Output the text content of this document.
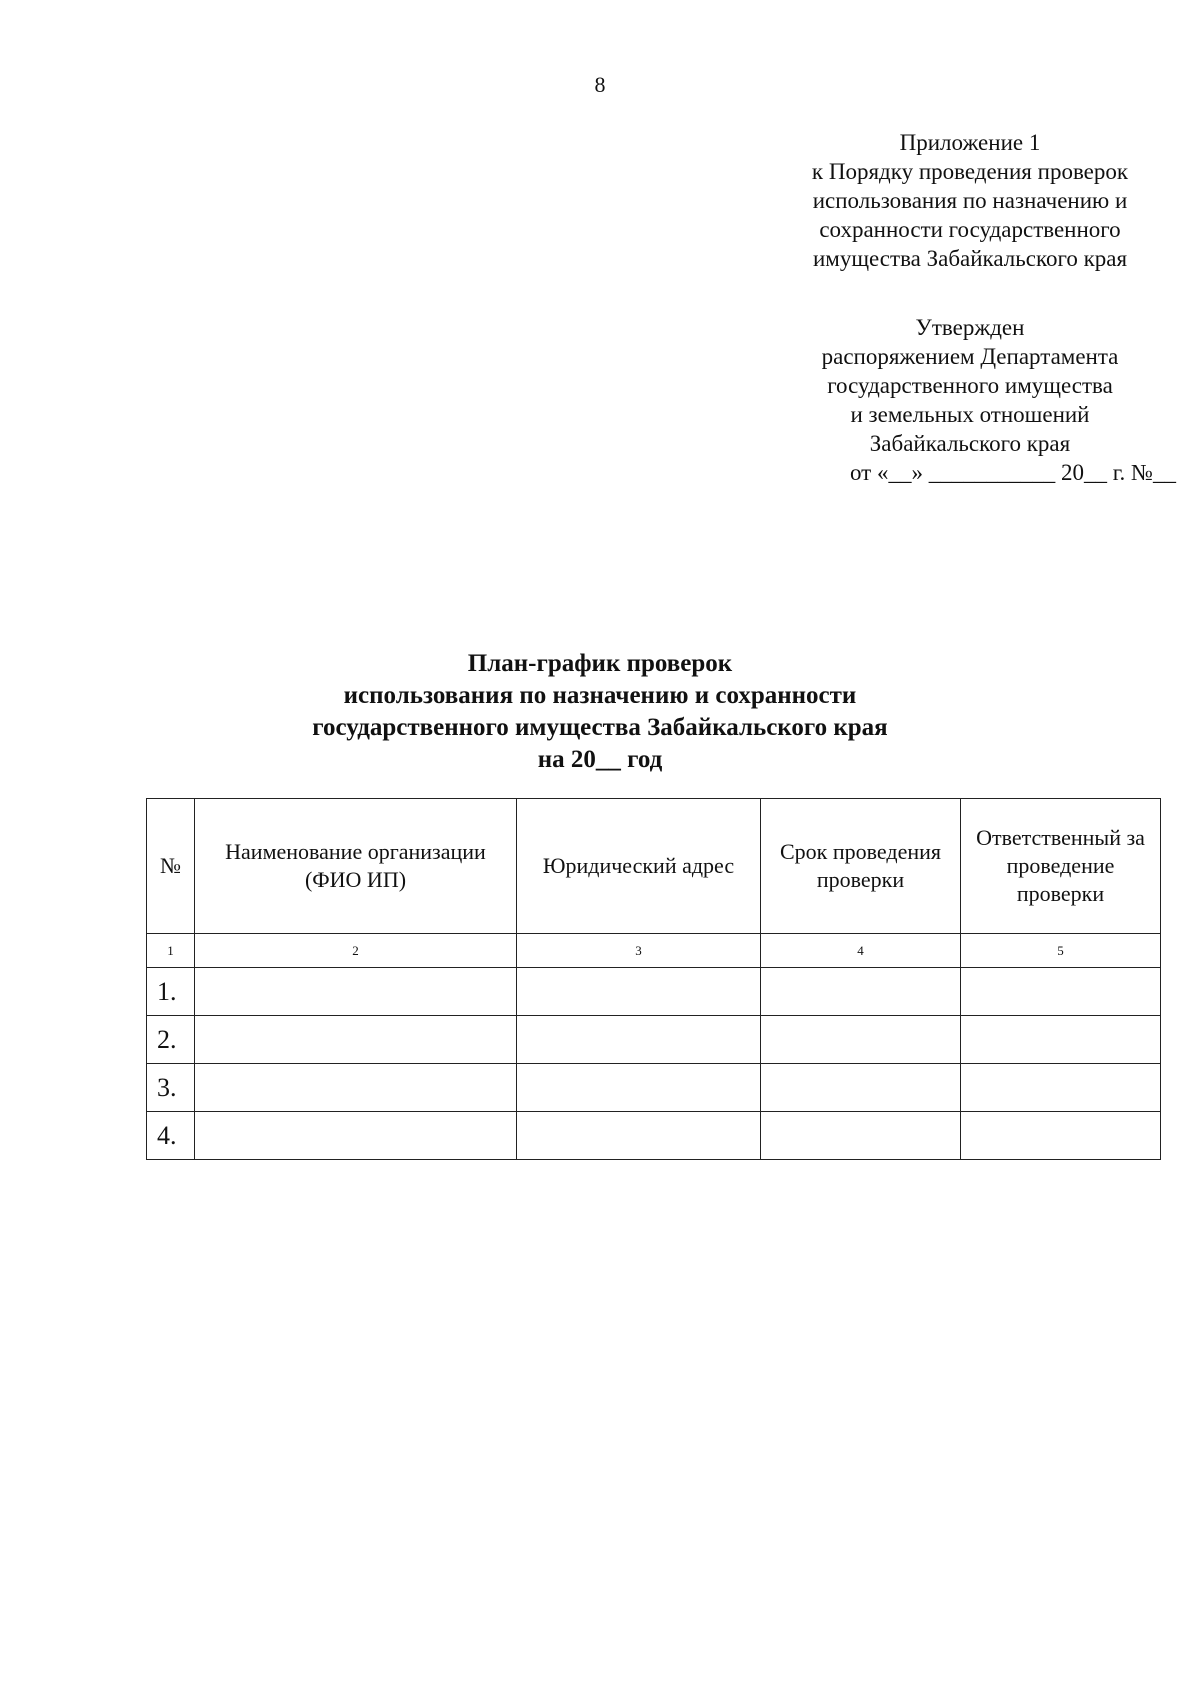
8
Приложение 1
к Порядку проведения проверок
использования по назначению и
сохранности государственного
имущества Забайкальского края
Утвержден
распоряжением Департамента
государственного имущества
и земельных отношений
Забайкальского края
от «__» ___________ 20__ г. №__
План-график проверок
использования по назначению и сохранности
государственного имущества Забайкальского края
на 20__ год
№	Наименование организации (ФИО ИП)	Юридический адрес	Срок проведения проверки	Ответственный за проведение проверки
1	2	3	4	5
1.				
2.				
3.				
4.				
